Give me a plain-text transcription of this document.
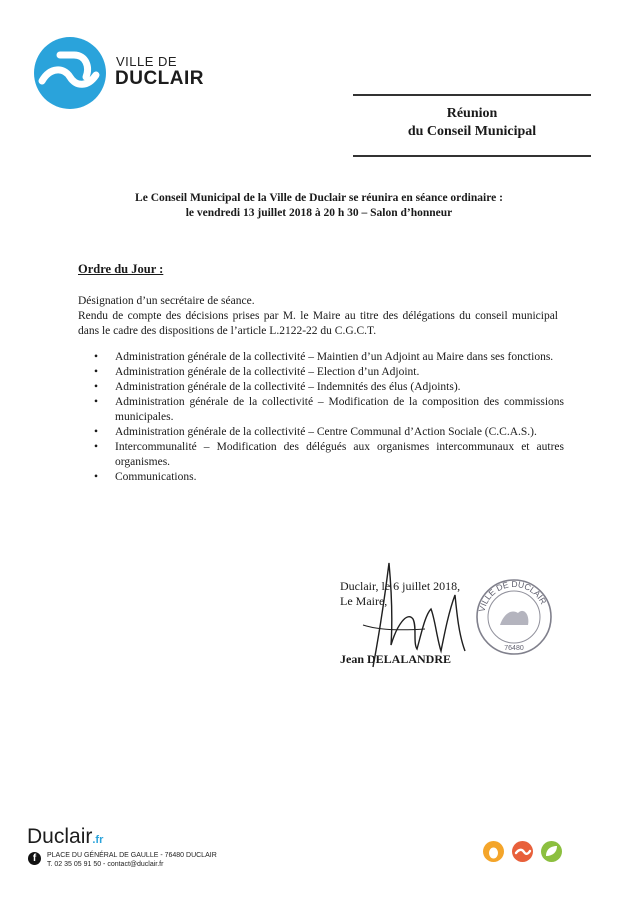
VILLE DE
DUCLAIR
Réunion
du Conseil Municipal
Le Conseil Municipal de la Ville de Duclair se réunira en séance ordinaire :
le vendredi 13 juillet 2018 à 20 h 30 – Salon d’honneur
Ordre du Jour :
Désignation d’un secrétaire de séance.
Rendu de compte des décisions prises par M. le Maire au titre des délégations du conseil municipal dans le cadre des dispositions de l’article L.2122-22 du C.G.C.T.
• Administration générale de la collectivité – Maintien d’un Adjoint au Maire dans ses fonctions.
• Administration générale de la collectivité – Election d’un Adjoint.
• Administration générale de la collectivité – Indemnités des élus (Adjoints).
• Administration générale de la collectivité – Modification de la composition des commissions municipales.
• Administration générale de la collectivité – Centre Communal d’Action Sociale (C.C.A.S.).
• Intercommunalité – Modification des délégués aux organismes intercommunaux et autres organismes.
• Communications.
Duclair, le 6 juillet 2018,
Le Maire,
Jean DELALANDRE
VILLE DE DUCLAIR
76480
Duclair.fr
f	PLACE DU GÉNÉRAL DE GAULLE - 76480 DUCLAIR
T. 02 35 05 91 50 - contact@duclair.fr
